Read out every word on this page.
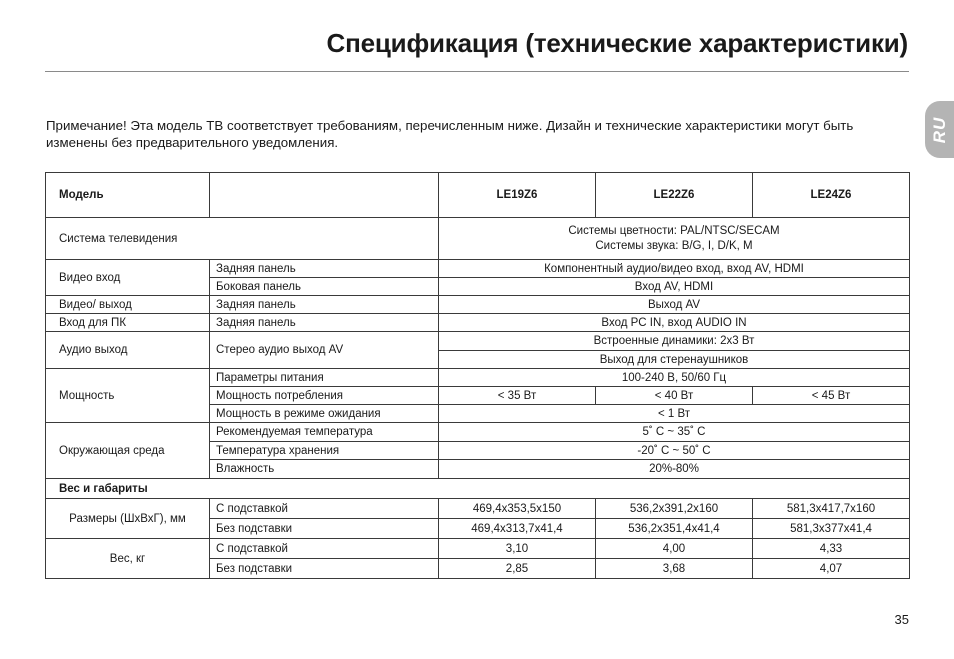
Спецификация (технические характеристики)
RU
Примечание! Эта модель ТВ соответствует требованиям, перечисленным ниже. Дизайн и технические характеристики могут быть изменены без предварительного уведомления.
Модель		LE19Z6	LE22Z6	LE24Z6
Система телевидения		Системы цветности: PAL/NTSC/SECAM
Системы звука: B/G, I, D/K, M		

Видео вход	Задняя панель	Компонентный аудио/видео вход, вход AV, HDMI		
	Боковая панель	Вход AV, HDMI		
Видео/ выход	Задняя панель	Выход AV		
Вход для ПК	Задняя панель	Вход PC IN, вход AUDIO IN		
Аудио выход	Стерео аудио выход AV	Встроенные динамики: 2x3 Вт		
		Выход для стеренаушников		
Мощность	Параметры питания	100-240 В, 50/60 Гц		
	Мощность потребления	< 35 Вт	< 40 Вт	< 45 Вт
	Мощность в режиме ожидания	< 1 Вт		
Окружающая среда	Рекомендуемая температура	5˚ C ~ 35˚ C		
	Температура хранения	-20˚ C ~ 50˚ C		
	Влажность	20%-80%		
Вес и габариты				
Размеры (ШхВхГ), мм	С подставкой	469,4x353,5x150	536,2x391,2x160	581,3x417,7x160
	Без подставки	469,4x313,7x41,4	536,2x351,4x41,4	581,3x377x41,4
Вес, кг	С подставкой	3,10	4,00	4,33
	Без подставки	2,85	3,68	4,07
35
